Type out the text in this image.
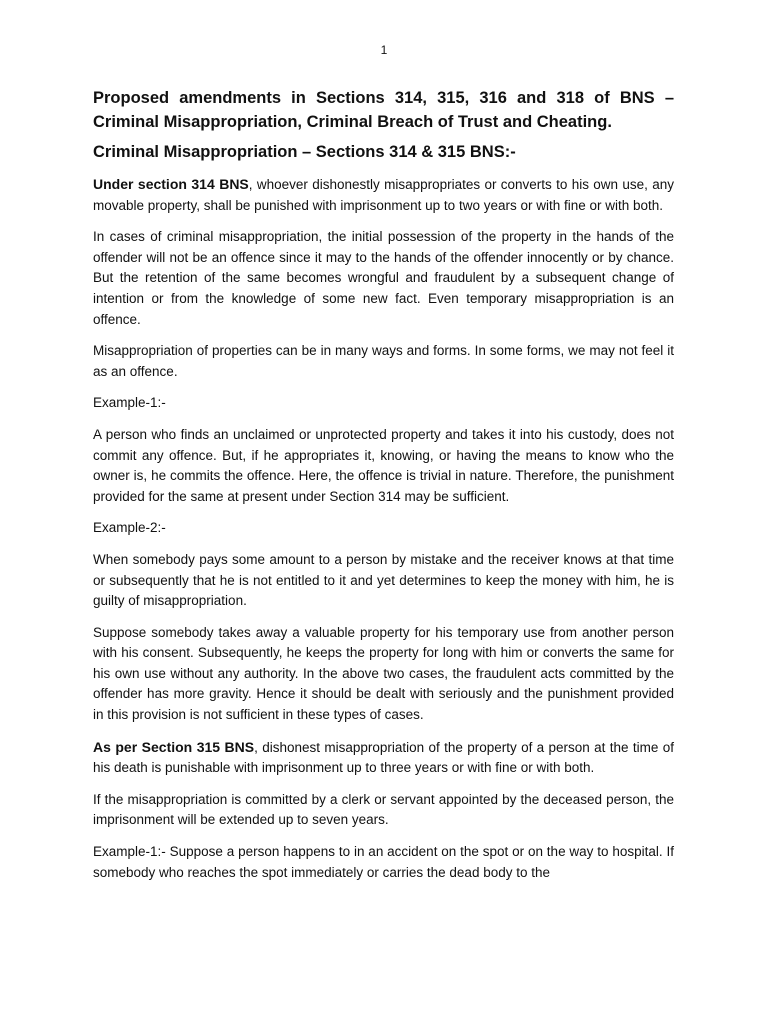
1
Proposed amendments in Sections 314, 315, 316 and 318 of BNS – Criminal Misappropriation, Criminal Breach of Trust and Cheating.
Criminal Misappropriation – Sections 314 & 315 BNS:-

Under section 314 BNS, whoever dishonestly misappropriates or converts to his own use, any movable property, shall be punished with imprisonment up to two years or with fine or with both.

In cases of criminal misappropriation, the initial possession of the property in the hands of the offender will not be an offence since it may to the hands of the offender innocently or by chance. But the retention of the same becomes wrongful and fraudulent by a subsequent change of intention or from the knowledge of some new fact. Even temporary misappropriation is an offence.

Misappropriation of properties can be in many ways and forms. In some forms, we may not feel it as an offence.

Example-1:-

A person who finds an unclaimed or unprotected property and takes it into his custody, does not commit any offence. But, if he appropriates it, knowing, or having the means to know who the owner is, he commits the offence. Here, the offence is trivial in nature. Therefore, the punishment provided for the same at present under Section 314 may be sufficient.

Example-2:-

When somebody pays some amount to a person by mistake and the receiver knows at that time or subsequently that he is not entitled to it and yet determines to keep the money with him, he is guilty of misappropriation.

Suppose somebody takes away a valuable property for his temporary use from another person with his consent. Subsequently, he keeps the property for long with him or converts the same for his own use without any authority. In the above two cases, the fraudulent acts committed by the offender has more gravity. Hence it should be dealt with seriously and the punishment provided in this provision is not sufficient in these types of cases.

As per Section 315 BNS, dishonest misappropriation of the property of a person at the time of his death is punishable with imprisonment up to three years or with fine or with both.

If the misappropriation is committed by a clerk or servant appointed by the deceased person, the imprisonment will be extended up to seven years.

Example-1:- Suppose a person happens to in an accident on the spot or on the way to hospital. If somebody who reaches the spot immediately or carries the dead body to the
